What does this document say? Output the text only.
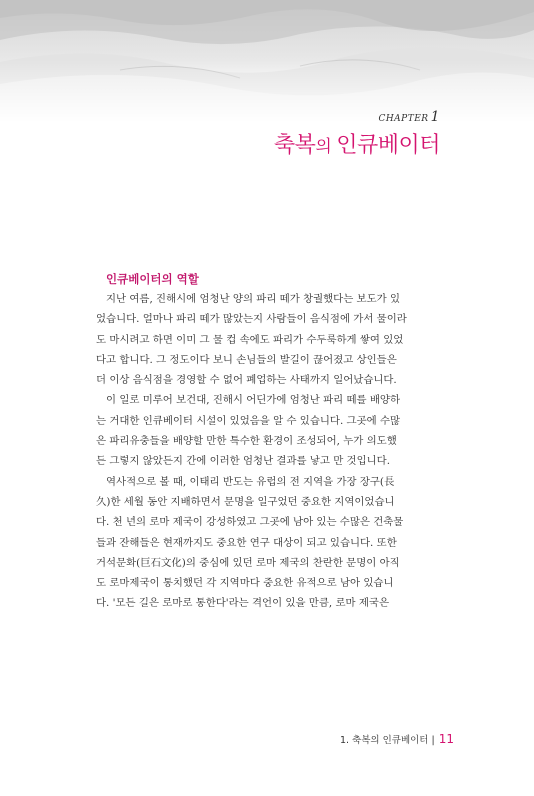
CHAPTER 1
축복의 인큐베이터
인큐베이터의 역할
지난 여름, 진해시에 엄청난 양의 파리 떼가 창궐했다는 보도가 있
었습니다. 얼마나 파리 떼가 많았는지 사람들이 음식점에 가서 물이라
도 마시려고 하면 이미 그 물 컵 속에도 파리가 수두룩하게 쌓여 있었
다고 합니다. 그 정도이다 보니 손님들의 발길이 끊어졌고 상인들은
더 이상 음식점을 경영할 수 없어 폐업하는 사태까지 일어났습니다.
이 일로 미루어 보건대, 진해시 어딘가에 엄청난 파리 떼를 배양하
는 거대한 인큐베이터 시설이 있었음을 알 수 있습니다. 그곳에 수많
은 파리유충들을 배양할 만한 특수한 환경이 조성되어, 누가 의도했
든 그렇지 않았든지 간에 이러한 엄청난 결과를 낳고 만 것입니다.
역사적으로 볼 때, 이태리 반도는 유럽의 전 지역을 가장 장구(長
久)한 세월 동안 지배하면서 문명을 일구었던 중요한 지역이었습니
다. 천 년의 로마 제국이 강성하였고 그곳에 남아 있는 수많은 건축물
들과 잔해들은 현재까지도 중요한 연구 대상이 되고 있습니다. 또한
거석문화(巨石文化)의 중심에 있던 로마 제국의 찬란한 문명이 아직
도 로마제국이 통치했던 각 지역마다 중요한 유적으로 남아 있습니
다. '모든 길은 로마로 통한다'라는 격언이 있을 만큼, 로마 제국은
1. 축복의 인큐베이터 | 11
